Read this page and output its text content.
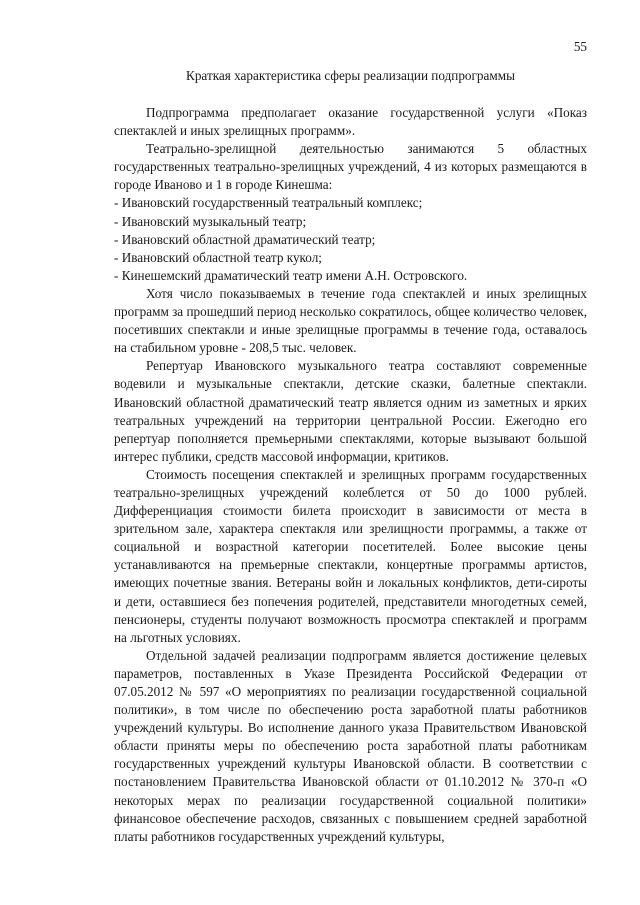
55
Краткая характеристика сферы реализации подпрограммы

Подпрограмма предполагает оказание государственной услуги «Показ спектаклей и иных зрелищных программ».

Театрально-зрелищной деятельностью занимаются 5 областных государственных театрально-зрелищных учреждений, 4 из которых размещаются в городе Иваново и 1 в городе Кинешма:

- Ивановский государственный театральный комплекс;

- Ивановский музыкальный театр;

- Ивановский областной драматический театр;

- Ивановский областной театр кукол;

- Кинешемский драматический театр имени А.Н. Островского.

Хотя число показываемых в течение года спектаклей и иных зрелищных программ за прошедший период несколько сократилось, общее количество человек, посетивших спектакли и иные зрелищные программы в течение года, оставалось на стабильном уровне - 208,5 тыс. человек.

Репертуар Ивановского музыкального театра составляют современные водевили и музыкальные спектакли, детские сказки, балетные спектакли. Ивановский областной драматический театр является одним из заметных и ярких театральных учреждений на территории центральной России. Ежегодно его репертуар пополняется премьерными спектаклями, которые вызывают большой интерес публики, средств массовой информации, критиков.

Стоимость посещения спектаклей и зрелищных программ государственных театрально-зрелищных учреждений колеблется от 50 до 1000 рублей. Дифференциация стоимости билета происходит в зависимости от места в зрительном зале, характера спектакля или зрелищности программы, а также от социальной и возрастной категории посетителей. Более высокие цены устанавливаются на премьерные спектакли, концертные программы артистов, имеющих почетные звания. Ветераны войн и локальных конфликтов, дети-сироты и дети, оставшиеся без попечения родителей, представители многодетных семей, пенсионеры, студенты получают возможность просмотра спектаклей и программ на льготных условиях.

Отдельной задачей реализации подпрограмм является достижение целевых параметров, поставленных в Указе Президента Российской Федерации от 07.05.2012 № 597 «О мероприятиях по реализации государственной социальной политики», в том числе по обеспечению роста заработной платы работников учреждений культуры. Во исполнение данного указа Правительством Ивановской области приняты меры по обеспечению роста заработной платы работникам государственных учреждений культуры Ивановской области. В соответствии с постановлением Правительства Ивановской области от 01.10.2012 № 370-п «О некоторых мерах по реализации государственной социальной политики» финансовое обеспечение расходов, связанных с повышением средней заработной платы работников государственных учреждений культуры,
